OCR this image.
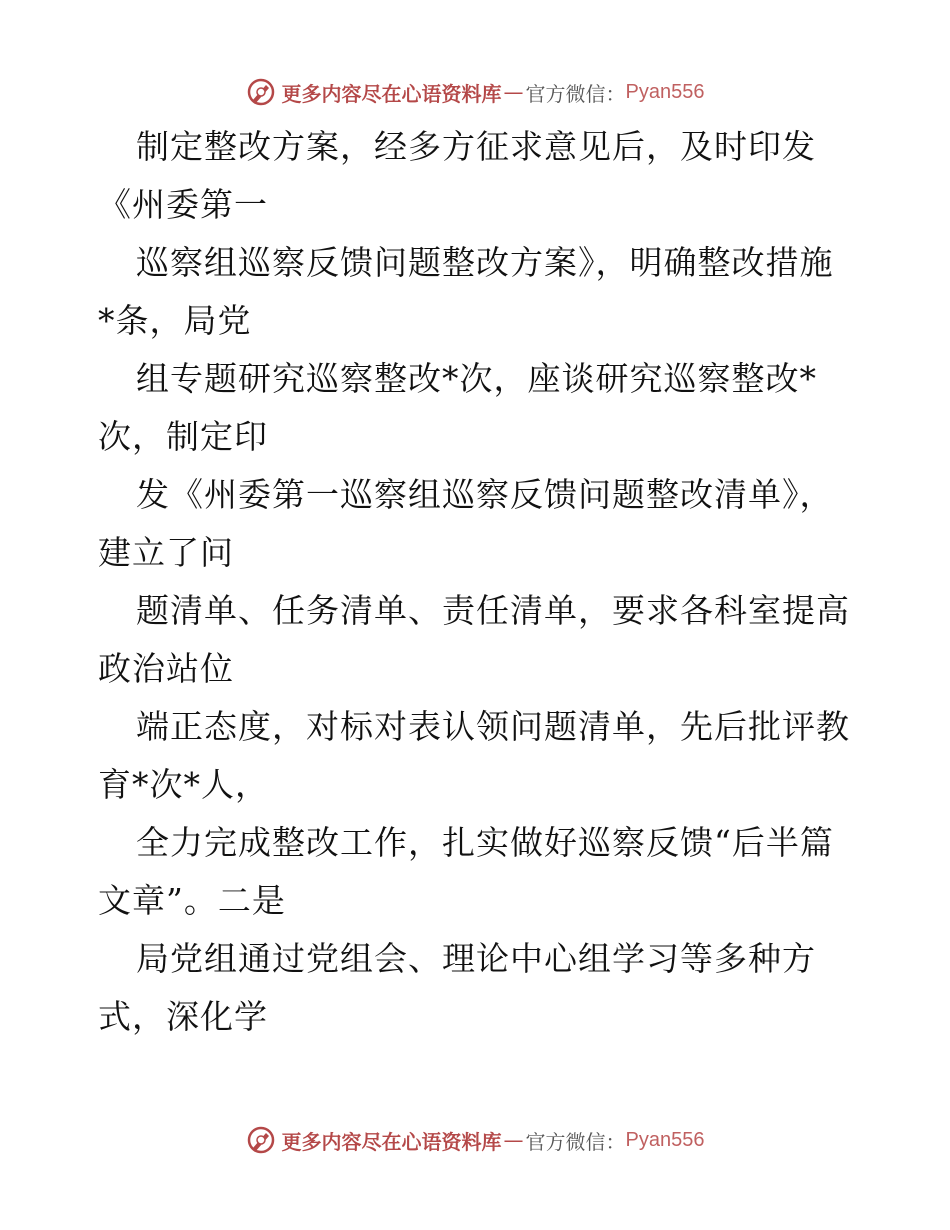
更多内容尽在心语资料库 — 官方微信： Pyan556

制定整改方案，经多方征求意见后，及时印发
《州委第一

巡察组巡察反馈问题整改方案》，明确整改措施
*条，局党

组专题研究巡察整改*次，座谈研究巡察整改*
次，制定印

发《州委第一巡察组巡察反馈问题整改清单》，
建立了问

题清单、任务清单、责任清单，要求各科室提高
政治站位

端正态度，对标对表认领问题清单，先后批评教
育*次*人，

全力完成整改工作，扎实做好巡察反馈“后半篇
文章”。二是

局党组通过党组会、理论中心组学习等多种方
式，深化学

更多内容尽在心语资料库 — 官方微信： Pyan556
